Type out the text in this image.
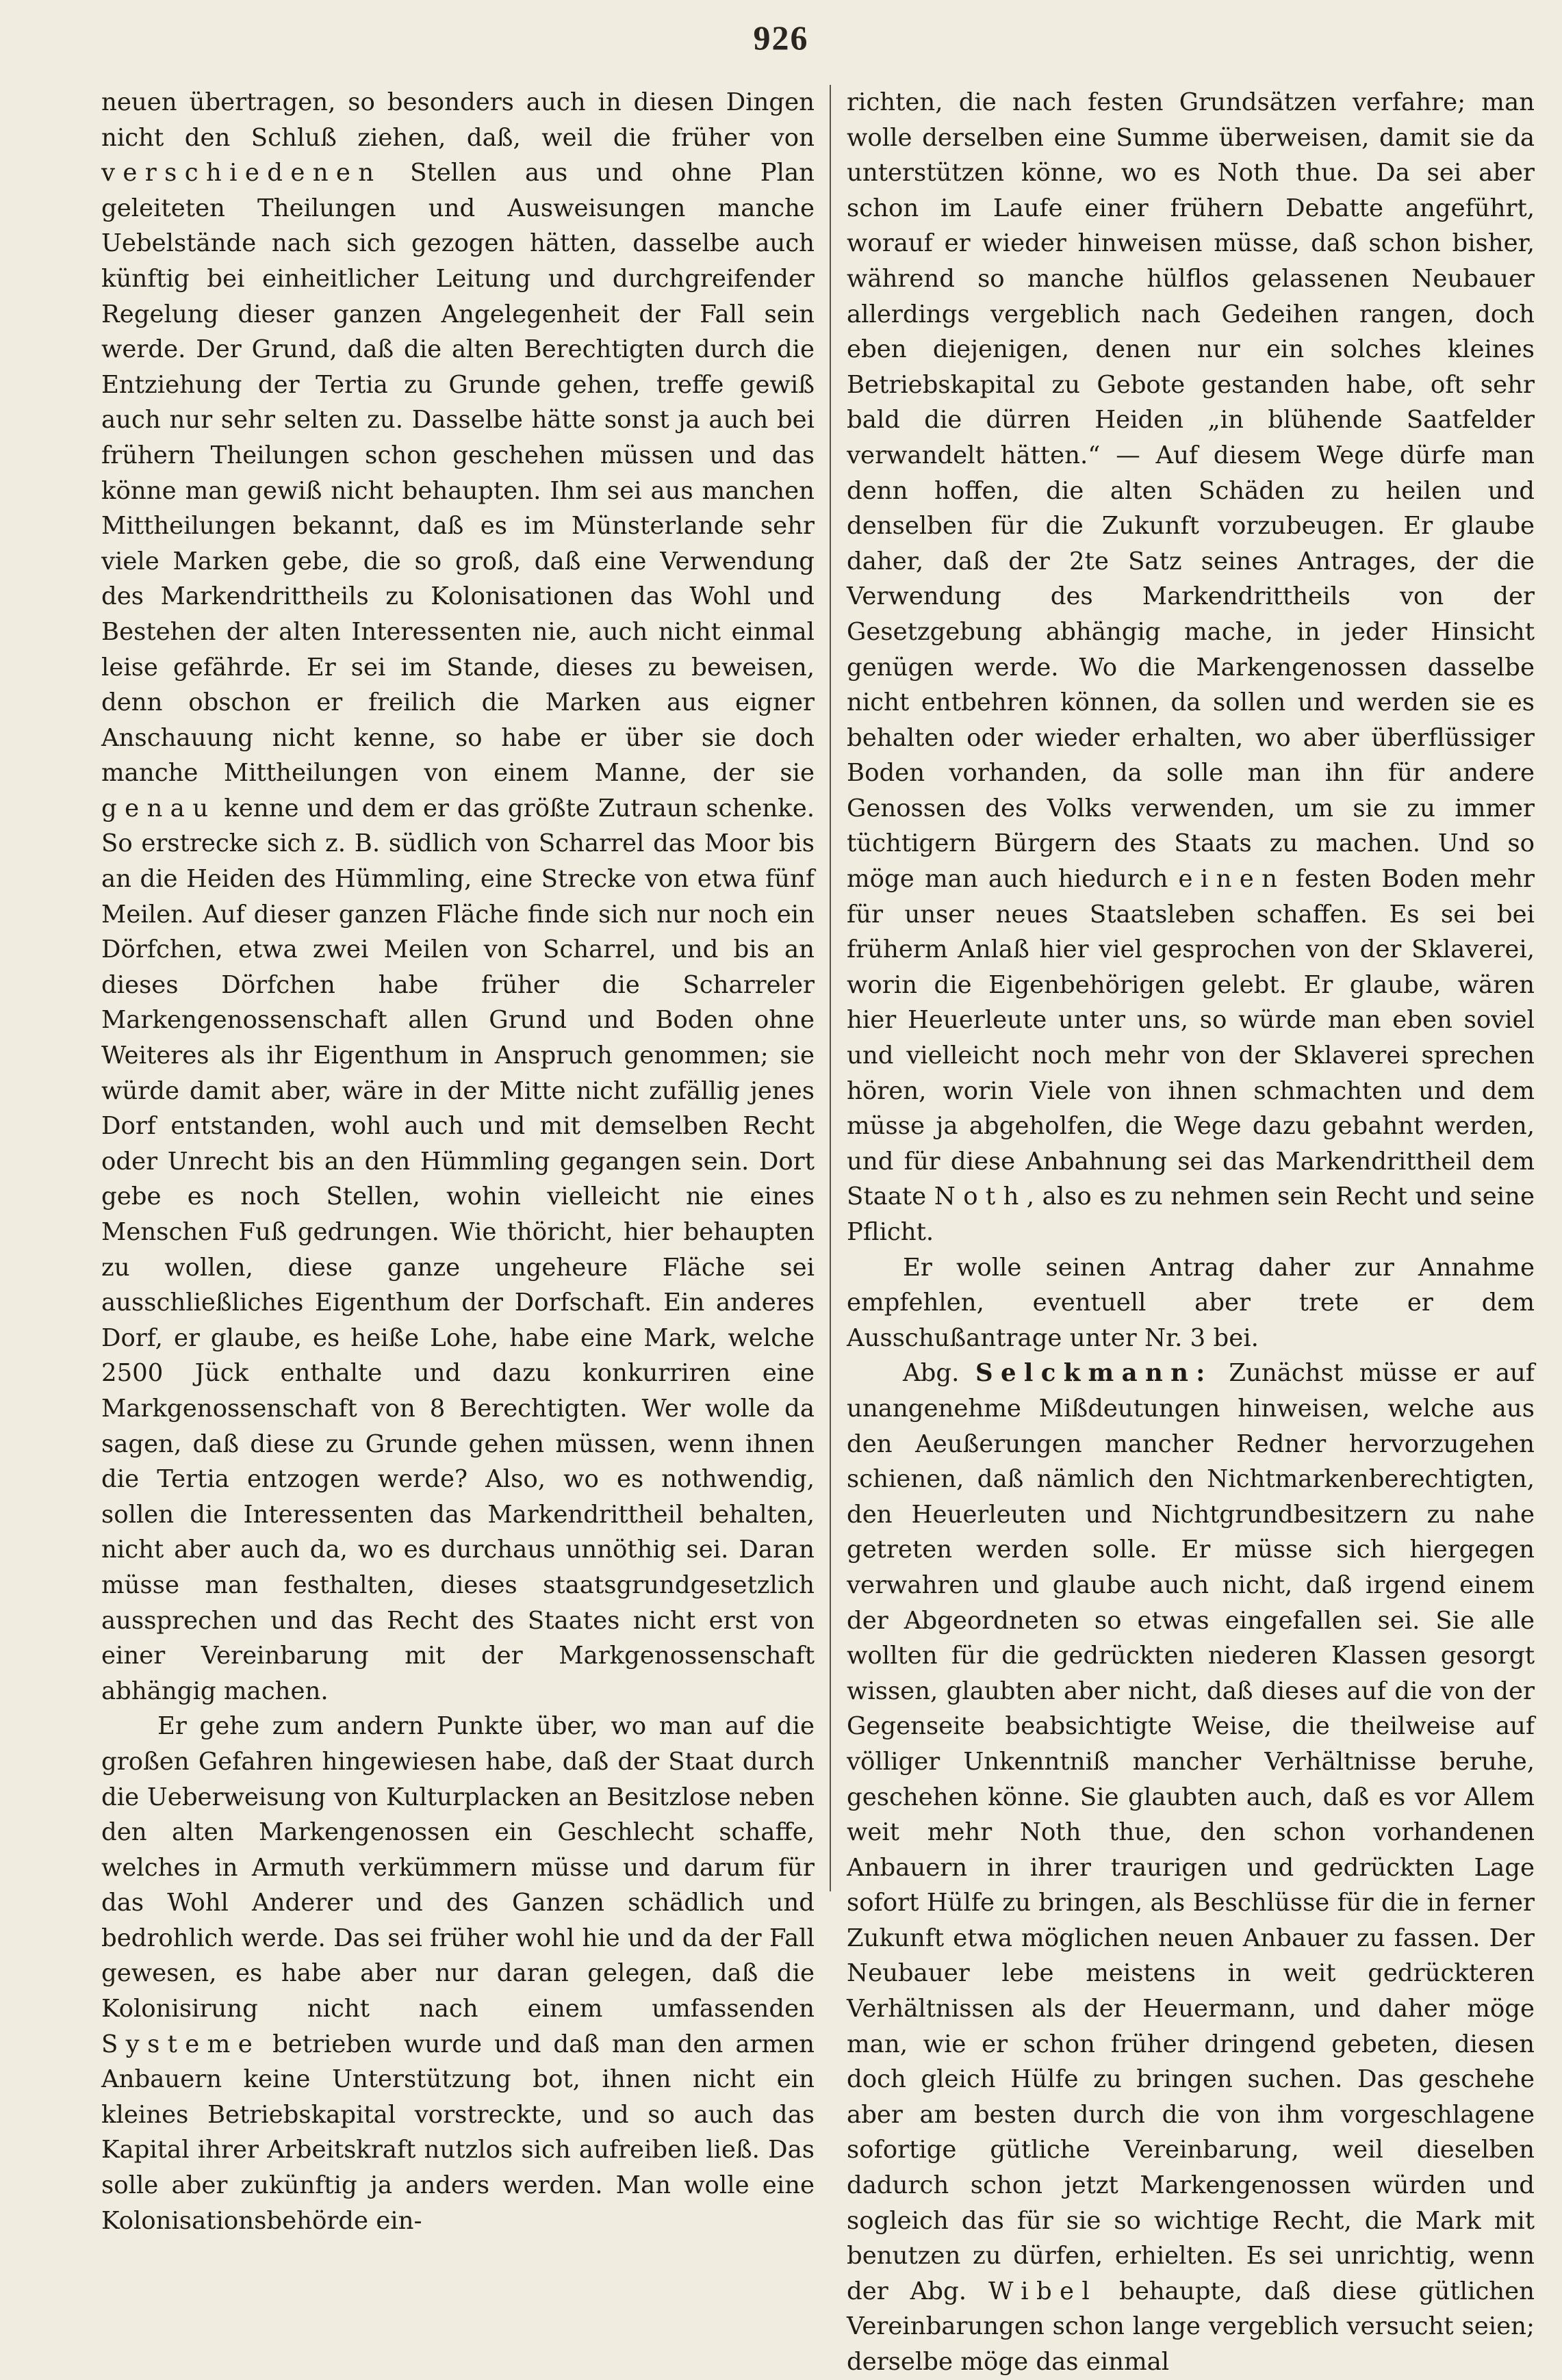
926

neuen übertragen, so besonders auch in diesen Dingen nicht den Schluß ziehen, daß, weil die früher von verschiedenen Stellen aus und ohne Plan geleiteten Theilungen und Ausweisungen manche Uebelstände nach sich gezogen hätten, dasselbe auch künftig bei einheitlicher Leitung und durchgreifender Regelung dieser ganzen Angelegenheit der Fall sein werde. Der Grund, daß die alten Berechtigten durch die Entziehung der Tertia zu Grunde gehen, treffe gewiß auch nur sehr selten zu. Dasselbe hätte sonst ja auch bei frühern Theilungen schon geschehen müssen und das könne man gewiß nicht behaupten. Ihm sei aus manchen Mittheilungen bekannt, daß es im Münsterlande sehr viele Marken gebe, die so groß, daß eine Verwendung des Markendrittheils zu Kolonisationen das Wohl und Bestehen der alten Interessenten nie, auch nicht einmal leise gefährde. Er sei im Stande, dieses zu beweisen, denn obschon er freilich die Marken aus eigner Anschauung nicht kenne, so habe er über sie doch manche Mittheilungen von einem Manne, der sie genau kenne und dem er das größte Zutraun schenke. So erstrecke sich z. B. südlich von Scharrel das Moor bis an die Heiden des Hümmling, eine Strecke von etwa fünf Meilen. Auf dieser ganzen Fläche finde sich nur noch ein Dörfchen, etwa zwei Meilen von Scharrel, und bis an dieses Dörfchen habe früher die Scharreler Markengenossenschaft allen Grund und Boden ohne Weiteres als ihr Eigenthum in Anspruch genommen; sie würde damit aber, wäre in der Mitte nicht zufällig jenes Dorf entstanden, wohl auch und mit demselben Recht oder Unrecht bis an den Hümmling gegangen sein. Dort gebe es noch Stellen, wohin vielleicht nie eines Menschen Fuß gedrungen. Wie thöricht, hier behaupten zu wollen, diese ganze ungeheure Fläche sei ausschließliches Eigenthum der Dorfschaft. Ein anderes Dorf, er glaube, es heiße Lohe, habe eine Mark, welche 2500 Jück enthalte und dazu konkurriren eine Markgenossenschaft von 8 Berechtigten. Wer wolle da sagen, daß diese zu Grunde gehen müssen, wenn ihnen die Tertia entzogen werde? Also, wo es nothwendig, sollen die Interessenten das Markendrittheil behalten, nicht aber auch da, wo es durchaus unnöthig sei. Daran müsse man festhalten, dieses staatsgrundgesetzlich aussprechen und das Recht des Staates nicht erst von einer Vereinbarung mit der Markgenossenschaft abhängig machen.

Er gehe zum andern Punkte über, wo man auf die großen Gefahren hingewiesen habe, daß der Staat durch die Ueberweisung von Kulturplacken an Besitzlose neben den alten Markengenossen ein Geschlecht schaffe, welches in Armuth verkümmern müsse und darum für das Wohl Anderer und des Ganzen schädlich und bedrohlich werde. Das sei früher wohl hie und da der Fall gewesen, es habe aber nur daran gelegen, daß die Kolonisirung nicht nach einem umfassenden Systeme betrieben wurde und daß man den armen Anbauern keine Unterstützung bot, ihnen nicht ein kleines Betriebskapital vorstreckte, und so auch das Kapital ihrer Arbeitskraft nutzlos sich aufreiben ließ. Das solle aber zukünftig ja anders werden. Man wolle eine Kolonisationsbehörde ein-

richten, die nach festen Grundsätzen verfahre; man wolle derselben eine Summe überweisen, damit sie da unterstützen könne, wo es Noth thue. Da sei aber schon im Laufe einer frühern Debatte angeführt, worauf er wieder hinweisen müsse, daß schon bisher, während so manche hülflos gelassenen Neubauer allerdings vergeblich nach Gedeihen rangen, doch eben diejenigen, denen nur ein solches kleines Betriebskapital zu Gebote gestanden habe, oft sehr bald die dürren Heiden „in blühende Saatfelder verwandelt hätten.“ — Auf diesem Wege dürfe man denn hoffen, die alten Schäden zu heilen und denselben für die Zukunft vorzubeugen. Er glaube daher, daß der 2te Satz seines Antrages, der die Verwendung des Markendrittheils von der Gesetzgebung abhängig mache, in jeder Hinsicht genügen werde. Wo die Markengenossen dasselbe nicht entbehren können, da sollen und werden sie es behalten oder wieder erhalten, wo aber überflüssiger Boden vorhanden, da solle man ihn für andere Genossen des Volks verwenden, um sie zu immer tüchtigern Bürgern des Staats zu machen. Und so möge man auch hiedurch einen festen Boden mehr für unser neues Staatsleben schaffen. Es sei bei früherm Anlaß hier viel gesprochen von der Sklaverei, worin die Eigenbehörigen gelebt. Er glaube, wären hier Heuerleute unter uns, so würde man eben soviel und vielleicht noch mehr von der Sklaverei sprechen hören, worin Viele von ihnen schmachten und dem müsse ja abgeholfen, die Wege dazu gebahnt werden, und für diese Anbahnung sei das Markendrittheil dem Staate Noth, also es zu nehmen sein Recht und seine Pflicht.

Er wolle seinen Antrag daher zur Annahme empfehlen, eventuell aber trete er dem Ausschußantrage unter Nr. 3 bei.

Abg. Selckmann: Zunächst müsse er auf unangenehme Mißdeutungen hinweisen, welche aus den Aeußerungen mancher Redner hervorzugehen schienen, daß nämlich den Nichtmarkenberechtigten, den Heuerleuten und Nichtgrundbesitzern zu nahe getreten werden solle. Er müsse sich hiergegen verwahren und glaube auch nicht, daß irgend einem der Abgeordneten so etwas eingefallen sei. Sie alle wollten für die gedrückten niederen Klassen gesorgt wissen, glaubten aber nicht, daß dieses auf die von der Gegenseite beabsichtigte Weise, die theilweise auf völliger Unkenntniß mancher Verhältnisse beruhe, geschehen könne. Sie glaubten auch, daß es vor Allem weit mehr Noth thue, den schon vorhandenen Anbauern in ihrer traurigen und gedrückten Lage sofort Hülfe zu bringen, als Beschlüsse für die in ferner Zukunft etwa möglichen neuen Anbauer zu fassen. Der Neubauer lebe meistens in weit gedrückteren Verhältnissen als der Heuermann, und daher möge man, wie er schon früher dringend gebeten, diesen doch gleich Hülfe zu bringen suchen. Das geschehe aber am besten durch die von ihm vorgeschlagene sofortige gütliche Vereinbarung, weil dieselben dadurch schon jetzt Markengenossen würden und sogleich das für sie so wichtige Recht, die Mark mit benutzen zu dürfen, erhielten. Es sei unrichtig, wenn der Abg. Wibel behaupte, daß diese gütlichen Vereinbarungen schon lange vergeblich versucht seien; derselbe möge das einmal
